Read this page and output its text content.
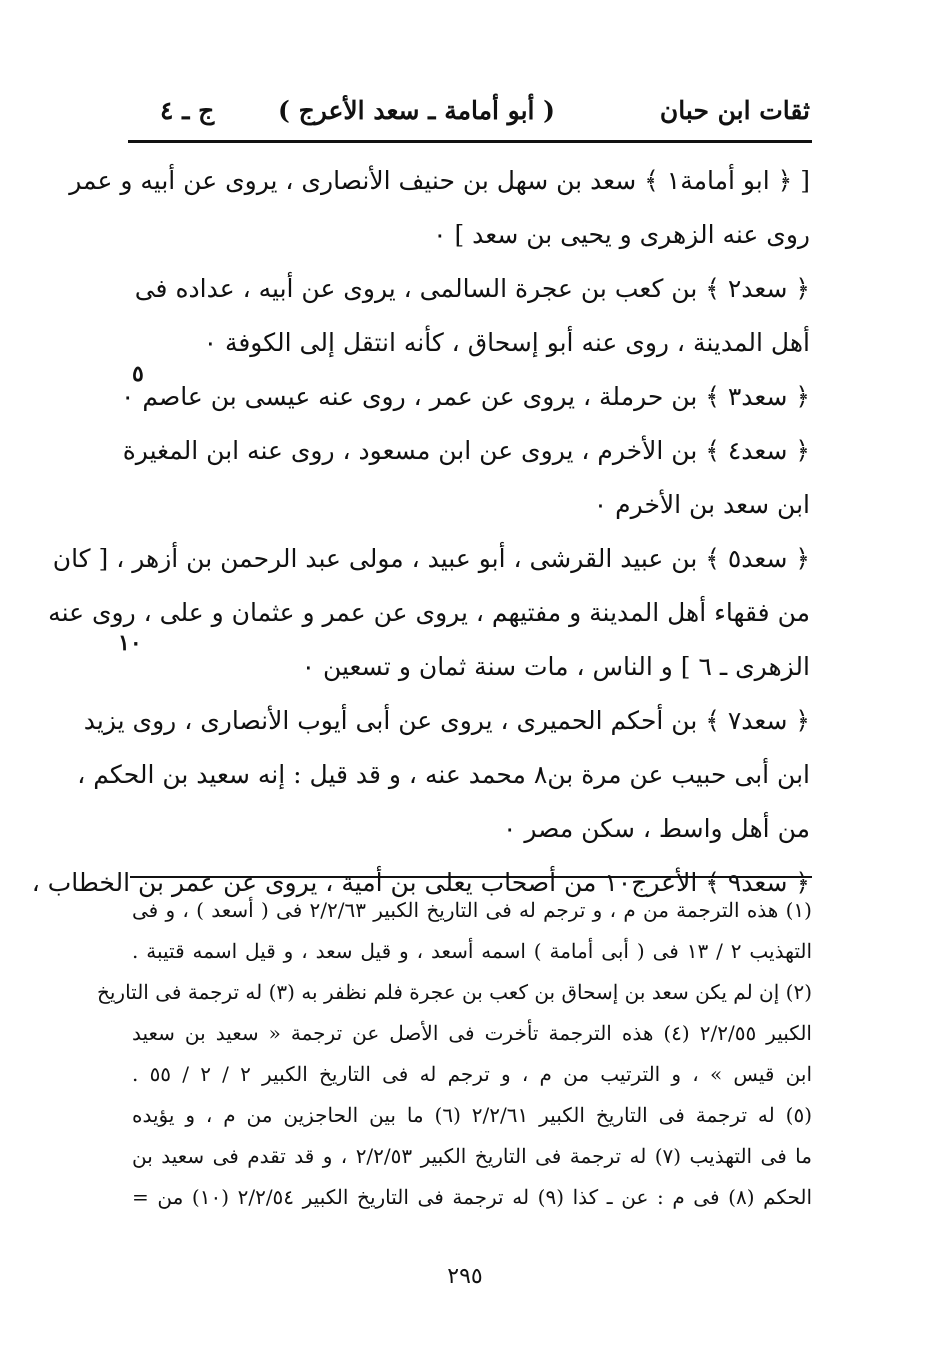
ثقات ابن حبان
( أبو أمامة ـ سعد الأعرج )
ج ـ ٤
[ ﴿ ابو أمامة١ ﴾ سعد بن سهل بن حنيف الأنصارى ، يروى عن أبيه و عمر
روى عنه الزهرى و يحيى بن سعد ] ٠
﴿ سعد٢ ﴾ بن كعب بن عجرة السالمى ، يروى عن أبيه ، عداده فى
أهل المدينة ، روى عنه أبو إسحاق ، كأنه انتقل إلى الكوفة ٠
﴿ سعد٣ ﴾ بن حرملة ، يروى عن عمر ، روى عنه عيسى بن عاصم ٠
﴿ سعد٤ ﴾ بن الأخرم ، يروى عن ابن مسعود ، روى عنه ابن المغيرة
ابن سعد بن الأخرم ٠
﴿ سعد٥ ﴾ بن عبيد القرشى ، أبو عبيد ، مولى عبد الرحمن بن أزهر ، [ كان
من فقهاء أهل المدينة و مفتيهم ، يروى عن عمر و عثمان و على ، روى عنه
الزهرى ـ ٦ ] و الناس ، مات سنة ثمان و تسعين ٠
﴿ سعد٧ ﴾ بن أحكم الحميرى ، يروى عن أبى أيوب الأنصارى ، روى يزيد
ابن أبى حبيب عن مرة بن٨ محمد عنه ، و قد قيل : إنه سعيد بن الحكم ،
من أهل واسط ، سكن مصر ٠
﴿ سعد٩ ﴾ الأعرج١٠ من أصحاب يعلى بن أمية ، يروى عن عمر بن الخطاب ،
٥
١٠
(١) هذه الترجمة من م ، و ترجم له فى التاريخ الكبير ٢/٢/٦٣ فى ( أسعد ) ، و فى
التهذيب ٢ / ١٣ فى ( أبى أمامة ) اسمه أسعد ، و قيل سعد ، و قيل اسمه قتيبة .
(٢) إن لم يكن سعد بن إسحاق بن كعب بن عجرة فلم نظفر به (٣) له ترجمة فى التاريخ
الكبير ٢/٢/٥٥ (٤) هذه الترجمة تأخرت فى الأصل عن ترجمة « سعيد بن سعيد
ابن قيس » ، و الترتيب من م ، و ترجم له فى التاريخ الكبير ٢ / ٢ / ٥٥ .
(٥) له ترجمة فى التاريخ الكبير ٢/٢/٦١ (٦) ما بين الحاجزين من م ، و يؤيده
ما فى التهذيب (٧) له ترجمة فى التاريخ الكبير ٢/٢/٥٣ ، و قد تقدم فى سعيد بن
الحكم (٨) فى م : عن ـ كذا (٩) له ترجمة فى التاريخ الكبير ٢/٢/٥٤ (١٠) من =
٢٩٥
